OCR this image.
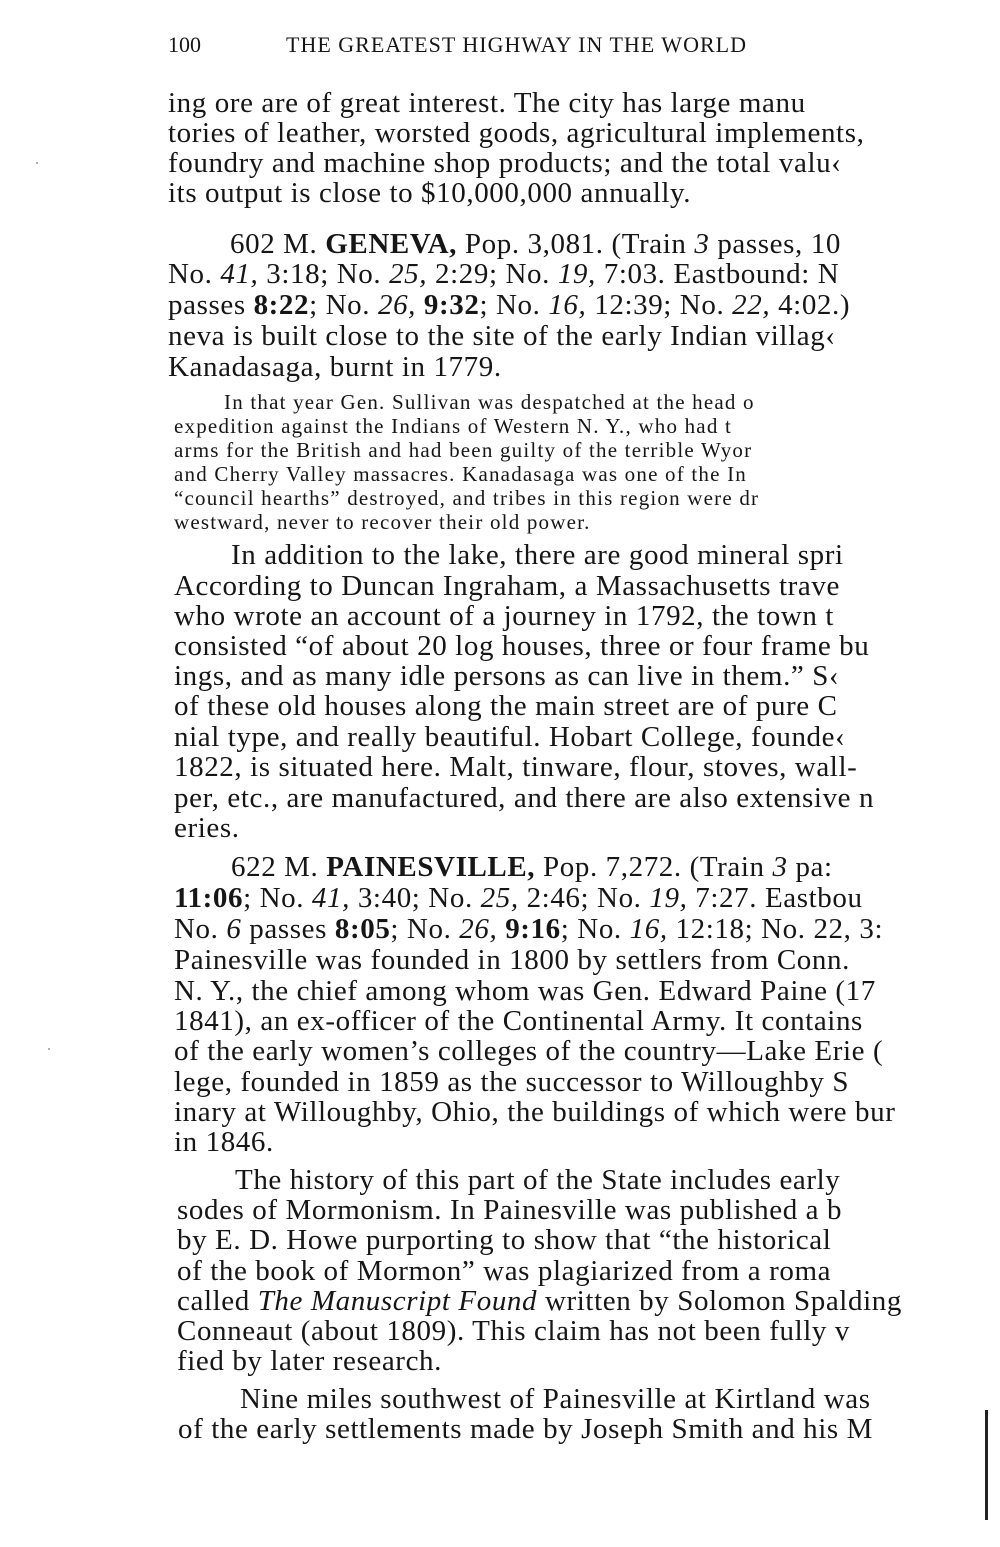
100	THE GREATEST HIGHWAY IN THE WORLD
ing ore are of great interest. The city has large manu
tories of leather, worsted goods, agricultural implements,
foundry and machine shop products; and the total valu‹
its output is close to $10,000,000 annually.
602 M. GENEVA, Pop. 3,081. (Train 3 passes, 10
No. 41, 3:18; No. 25, 2:29; No. 19, 7:03. Eastbound: N
passes 8:22; No. 26, 9:32; No. 16, 12:39; No. 22, 4:02.)
neva is built close to the site of the early Indian villag‹
Kanadasaga, burnt in 1779.
In that year Gen. Sullivan was despatched at the head o
expedition against the Indians of Western N. Y., who had t
arms for the British and had been guilty of the terrible Wyor
and Cherry Valley massacres. Kanadasaga was one of the In
“council hearths” destroyed, and tribes in this region were dr
westward, never to recover their old power.
In addition to the lake, there are good mineral spri
According to Duncan Ingraham, a Massachusetts trave
who wrote an account of a journey in 1792, the town t
consisted “of about 20 log houses, three or four frame bu
ings, and as many idle persons as can live in them.” S‹
of these old houses along the main street are of pure C
nial type, and really beautiful. Hobart College, founde‹
1822, is situated here. Malt, tinware, flour, stoves, wall-
per, etc., are manufactured, and there are also extensive n
eries.
622 M. PAINESVILLE, Pop. 7,272. (Train 3 pa:
11:06; No. 41, 3:40; No. 25, 2:46; No. 19, 7:27. Eastbou
No. 6 passes 8:05; No. 26, 9:16; No. 16, 12:18; No. 22, 3:
Painesville was founded in 1800 by settlers from Conn.
N. Y., the chief among whom was Gen. Edward Paine (17
1841), an ex-officer of the Continental Army. It contains
of the early women’s colleges of the country—Lake Erie (
lege, founded in 1859 as the successor to Willoughby S
inary at Willoughby, Ohio, the buildings of which were bur
in 1846.
The history of this part of the State includes early
sodes of Mormonism. In Painesville was published a b
by E. D. Howe purporting to show that “the historical
of the book of Mormon” was plagiarized from a roma
called The Manuscript Found written by Solomon Spalding
Conneaut (about 1809). This claim has not been fully v
fied by later research.
Nine miles southwest of Painesville at Kirtland was
of the early settlements made by Joseph Smith and his M
